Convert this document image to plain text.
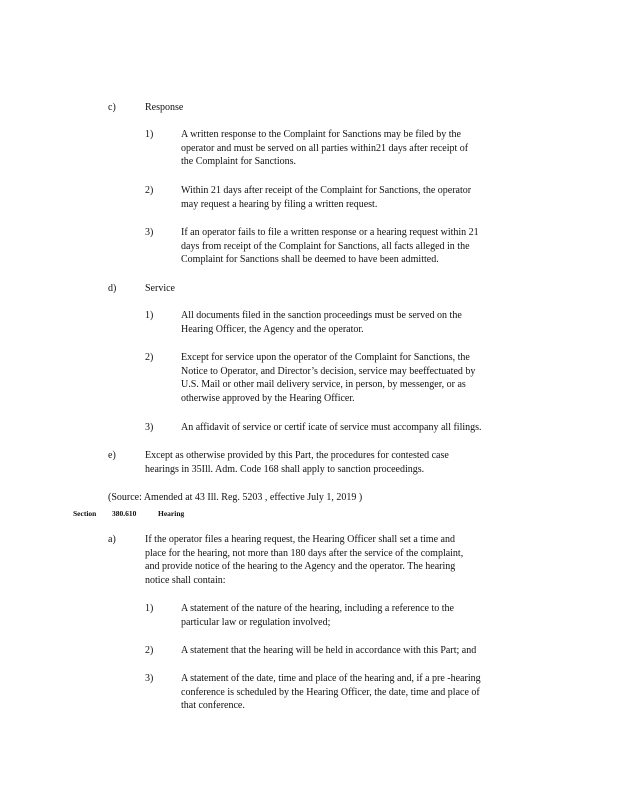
c)	Response
1)	A written response to the Complaint for Sanctions may be filed by the
operator and must be served on all parties within21 days after receipt of
the Complaint for Sanctions.
2)	Within 21 days after receipt of the Complaint for Sanctions, the operator
may request a hearing by filing a written request.
3)	If an operator fails to file a written response or a hearing request within 21
days from receipt of the Complaint for Sanctions, all facts alleged in the
Complaint for Sanctions shall be deemed to have been admitted.
d)	Service
1)	All documents filed in the sanction proceedings must be served on the
Hearing Officer, the Agency and the operator.
2)	Except for service upon the operator of the Complaint for Sanctions, the
Notice to Operator, and Director’s decision, service may beeffectuated by
U.S. Mail or other mail delivery service, in person, by messenger, or as
otherwise approved by the Hearing Officer.
3)	An affidavit of service or certif icate of service must accompany all filings.
e)	Except as otherwise provided by this Part, the procedures for contested case
hearings in 35Ill. Adm. Code 168 shall apply to sanction proceedings.
(Source: Amended at 43 Ill. Reg. 5203 , effective July 1, 2019 )
Section 380.610	Hearing
a)	If the operator files a hearing request, the Hearing Officer shall set a time and
place for the hearing, not more than 180 days after the service of the complaint,
and provide notice of the hearing to the Agency and the operator. The hearing
notice shall contain:
1)	A statement of the nature of the hearing, including a reference to the
particular law or regulation involved;
2)	A statement that the hearing will be held in accordance with this Part; and
3)	A statement of the date, time and place of the hearing and, if a pre -hearing
conference is scheduled by the Hearing Officer, the date, time and place of
that conference.
